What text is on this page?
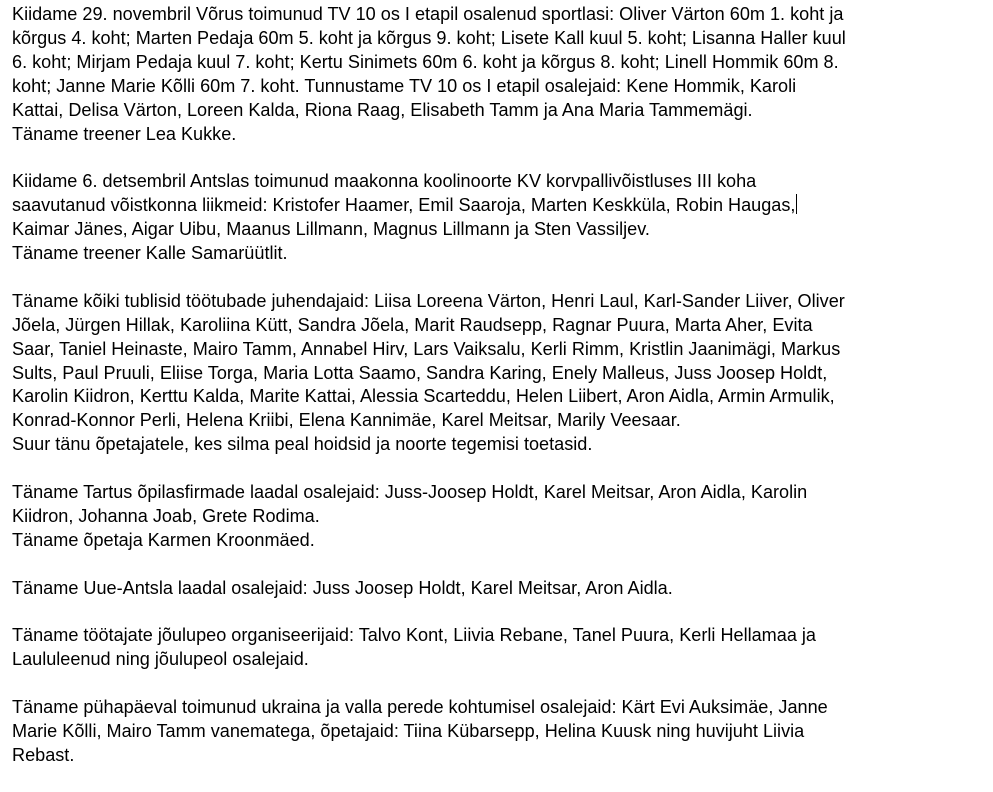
Kiidame 29. novembril Võrus toimunud TV 10 os I etapil osalenud sportlasi: Oliver Värton 60m 1. koht ja
kõrgus 4. koht; Marten Pedaja 60m 5. koht ja kõrgus 9. koht; Lisete Kall kuul 5. koht; Lisanna Haller kuul
6. koht; Mirjam Pedaja kuul 7. koht; Kertu Sinimets 60m 6. koht ja kõrgus 8. koht; Linell Hommik 60m 8.
koht; Janne Marie Kõlli 60m 7. koht. Tunnustame TV 10 os I etapil osalejaid: Kene Hommik, Karoli
Kattai, Delisa Värton, Loreen Kalda, Riona Raag, Elisabeth Tamm ja Ana Maria Tammemägi.
Täname treener Lea Kukke.

Kiidame 6. detsembril Antslas toimunud maakonna koolinoorte KV korvpallivõistluses III koha
saavutanud võistkonna liikmeid: Kristofer Haamer, Emil Saaroja, Marten Keskküla, Robin Haugas,
Kaimar Jänes, Aigar Uibu, Maanus Lillmann, Magnus Lillmann ja Sten Vassiljev.
Täname treener Kalle Samarüütlit.

Täname kõiki tublisid töötubade juhendajaid: Liisa Loreena Värton, Henri Laul, Karl-Sander Liiver, Oliver
Jõela, Jürgen Hillak, Karoliina Kütt, Sandra Jõela, Marit Raudsepp, Ragnar Puura, Marta Aher, Evita
Saar, Taniel Heinaste, Mairo Tamm, Annabel Hirv, Lars Vaiksalu, Kerli Rimm, Kristlin Jaanimägi, Markus
Sults, Paul Pruuli, Eliise Torga, Maria Lotta Saamo, Sandra Karing, Enely Malleus, Juss Joosep Holdt,
Karolin Kiidron, Kerttu Kalda, Marite Kattai, Alessia Scarteddu, Helen Liibert, Aron Aidla, Armin Armulik,
Konrad-Konnor Perli, Helena Kriibi, Elena Kannimäe, Karel Meitsar, Marily Veesaar.
Suur tänu õpetajatele, kes silma peal hoidsid ja noorte tegemisi toetasid.

Täname Tartus õpilasfirmade laadal osalejaid: Juss-Joosep Holdt, Karel Meitsar, Aron Aidla, Karolin
Kiidron, Johanna Joab, Grete Rodima.
Täname õpetaja Karmen Kroonmäed.

Täname Uue-Antsla laadal osalejaid: Juss Joosep Holdt, Karel Meitsar, Aron Aidla.

Täname töötajate jõulupeo organiseerijaid: Talvo Kont, Liivia Rebane, Tanel Puura, Kerli Hellamaa ja
Laululeenud ning jõulupeol osalejaid.

Täname pühapäeval toimunud ukraina ja valla perede kohtumisel osalejaid: Kärt Evi Auksimäe, Janne
Marie Kõlli, Mairo Tamm vanematega, õpetajaid: Tiina Kübarsepp, Helina Kuusk ning huvijuht Liivia
Rebast.
